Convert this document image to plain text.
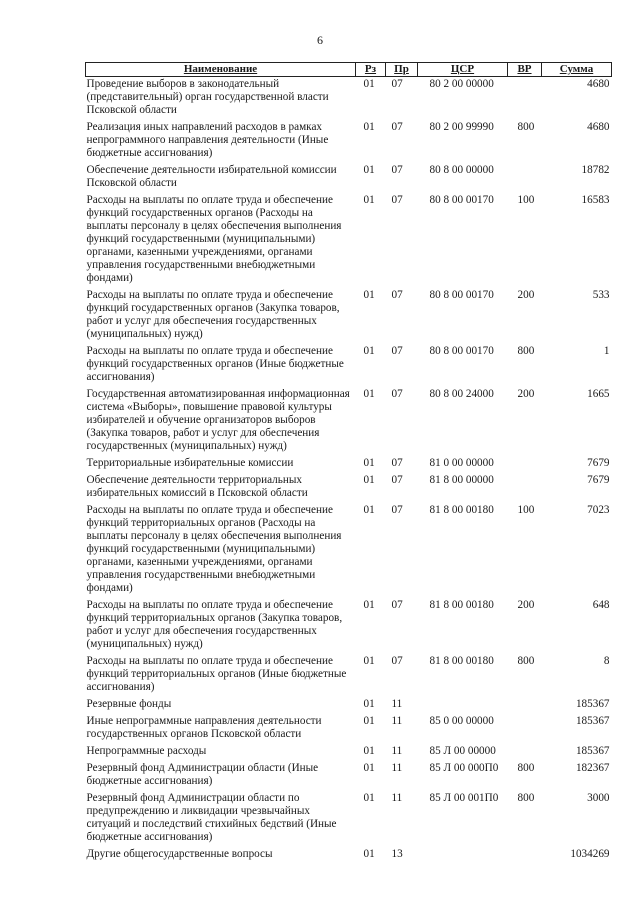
6
Наименование	Рз	Пр	ЦСР	ВР	Сумма
Проведение выборов в законодательный (представительный) орган государственной власти Псковской области	01	07	80 2 00 00000		4680
Реализация иных направлений расходов в рамках непрограммного направления деятельности (Иные бюджетные ассигнования)	01	07	80 2 00 99990	800	4680
Обеспечение деятельности избирательной комиссии Псковской области	01	07	80 8 00 00000		18782
Расходы на выплаты по оплате труда и обеспечение функций государственных органов (Расходы на выплаты персоналу в целях обеспечения выполнения функций государственными (муниципальными) органами, казенными учреждениями, органами управления государственными внебюджетными фондами)	01	07	80 8 00 00170	100	16583
Расходы на выплаты по оплате труда и обеспечение функций государственных органов (Закупка товаров, работ и услуг для обеспечения государственных (муниципальных) нужд)	01	07	80 8 00 00170	200	533
Расходы на выплаты по оплате труда и обеспечение функций государственных органов (Иные бюджетные ассигнования)	01	07	80 8 00 00170	800	1
Государственная автоматизированная информационная система «Выборы», повышение правовой культуры избирателей и обучение организаторов выборов (Закупка товаров, работ и услуг для обеспечения государственных (муниципальных) нужд)	01	07	80 8 00 24000	200	1665
Территориальные избирательные комиссии	01	07	81 0 00 00000		7679
Обеспечение деятельности территориальных избирательных комиссий в Псковской области	01	07	81 8 00 00000		7679
Расходы на выплаты по оплате труда и обеспечение функций территориальных органов (Расходы на выплаты персоналу в целях обеспечения выполнения функций государственными (муниципальными) органами, казенными учреждениями, органами управления государственными внебюджетными фондами)	01	07	81 8 00 00180	100	7023
Расходы на выплаты по оплате труда и обеспечение функций территориальных органов (Закупка товаров, работ и услуг для обеспечения государственных (муниципальных) нужд)	01	07	81 8 00 00180	200	648
Расходы на выплаты по оплате труда и обеспечение функций территориальных органов (Иные бюджетные ассигнования)	01	07	81 8 00 00180	800	8
Резервные фонды	01	11			185367
Иные непрограммные направления деятельности государственных органов Псковской области	01	11	85 0 00 00000		185367
Непрограммные расходы	01	11	85 Л 00 00000		185367
Резервный фонд Администрации области (Иные бюджетные ассигнования)	01	11	85 Л 00 000П0	800	182367
Резервный фонд Администрации области по предупреждению и ликвидации чрезвычайных ситуаций и последствий стихийных бедствий (Иные бюджетные ассигнования)	01	11	85 Л 00 001П0	800	3000
Другие общегосударственные вопросы	01	13			1034269
